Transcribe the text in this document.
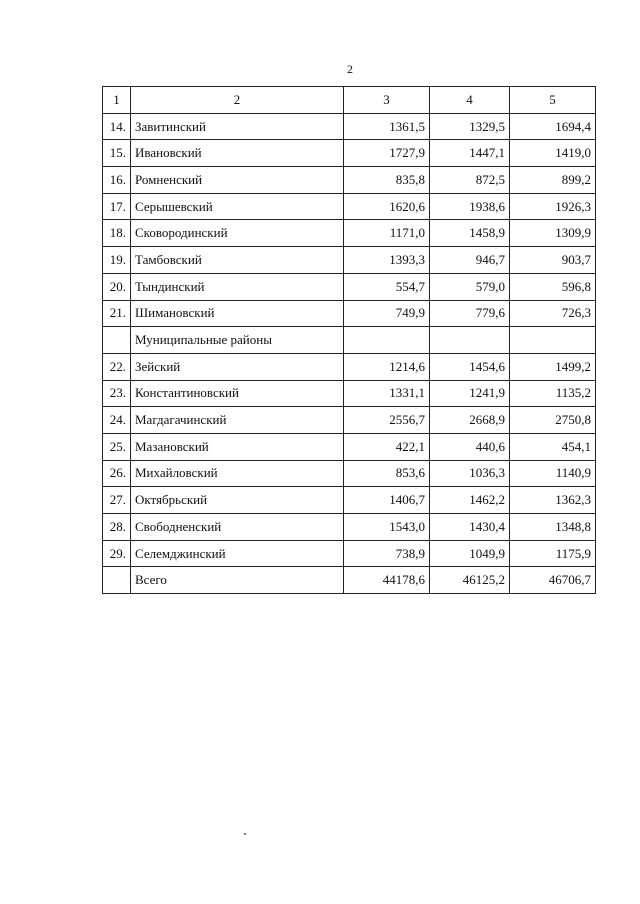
2
1	2	3	4	5
14.	Завитинский	1361,5	1329,5	1694,4
15.	Ивановский	1727,9	1447,1	1419,0
16.	Ромненский	835,8	872,5	899,2
17.	Серышевский	1620,6	1938,6	1926,3
18.	Сковородинский	1171,0	1458,9	1309,9
19.	Тамбовский	1393,3	946,7	903,7
20.	Тындинский	554,7	579,0	596,8
21.	Шимановский	749,9	779,6	726,3
	Муниципальные районы			
22.	Зейский	1214,6	1454,6	1499,2
23.	Константиновский	1331,1	1241,9	1135,2
24.	Магдагачинский	2556,7	2668,9	2750,8
25.	Мазановский	422,1	440,6	454,1
26.	Михайловский	853,6	1036,3	1140,9
27.	Октябрьский	1406,7	1462,2	1362,3
28.	Свободненский	1543,0	1430,4	1348,8
29.	Селемджинский	738,9	1049,9	1175,9
	Всего	44178,6	46125,2	46706,7
